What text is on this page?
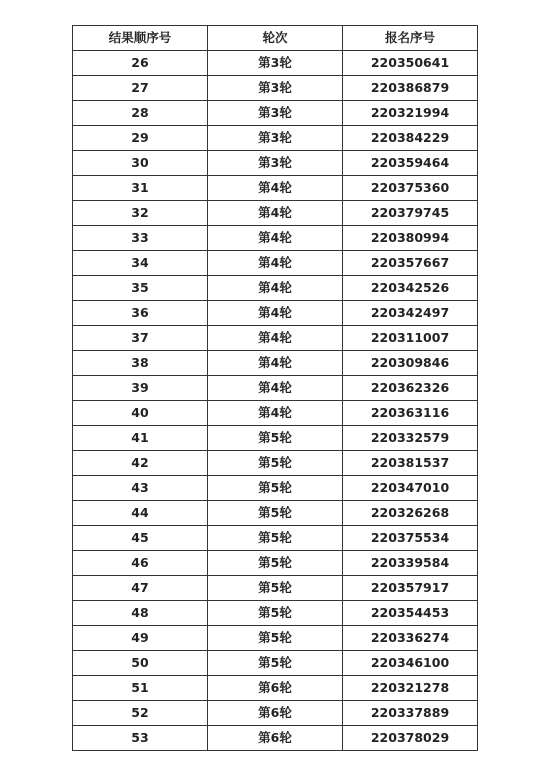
结果顺序号	轮次	报名序号
26	第3轮	220350641
27	第3轮	220386879
28	第3轮	220321994
29	第3轮	220384229
30	第3轮	220359464
31	第4轮	220375360
32	第4轮	220379745
33	第4轮	220380994
34	第4轮	220357667
35	第4轮	220342526
36	第4轮	220342497
37	第4轮	220311007
38	第4轮	220309846
39	第4轮	220362326
40	第4轮	220363116
41	第5轮	220332579
42	第5轮	220381537
43	第5轮	220347010
44	第5轮	220326268
45	第5轮	220375534
46	第5轮	220339584
47	第5轮	220357917
48	第5轮	220354453
49	第5轮	220336274
50	第5轮	220346100
51	第6轮	220321278
52	第6轮	220337889
53	第6轮	220378029
